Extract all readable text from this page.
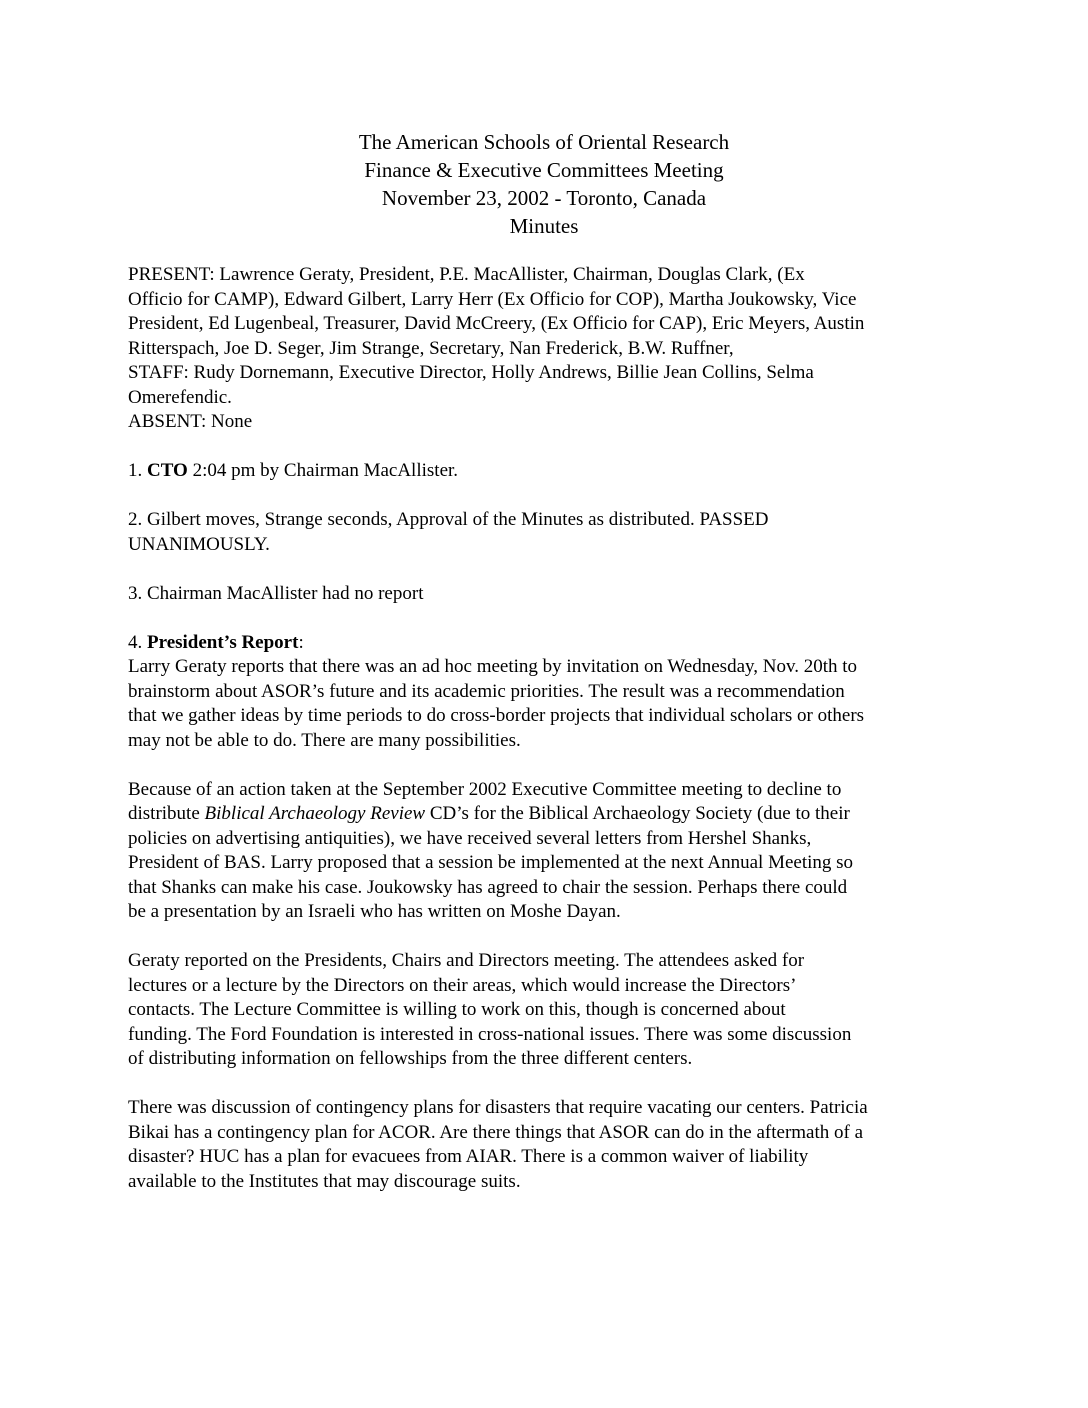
The American Schools of Oriental Research
Finance & Executive Committees Meeting
November 23, 2002 - Toronto, Canada
Minutes
PRESENT: Lawrence Geraty, President, P.E. MacAllister, Chairman, Douglas Clark, (Ex
Officio for CAMP), Edward Gilbert, Larry Herr (Ex Officio for COP), Martha Joukowsky, Vice
President, Ed Lugenbeal, Treasurer, David McCreery, (Ex Officio for CAP), Eric Meyers, Austin
Ritterspach, Joe D. Seger, Jim Strange, Secretary, Nan Frederick, B.W. Ruffner,
STAFF: Rudy Dornemann, Executive Director, Holly Andrews, Billie Jean Collins, Selma
Omerefendic.
ABSENT: None
1. CTO 2:04 pm by Chairman MacAllister.
2. Gilbert moves, Strange seconds, Approval of the Minutes as distributed. PASSED
UNANIMOUSLY.
3. Chairman MacAllister had no report
4. President’s Report:
Larry Geraty reports that there was an ad hoc meeting by invitation on Wednesday, Nov. 20th to
brainstorm about ASOR’s future and its academic priorities. The result was a recommendation
that we gather ideas by time periods to do cross-border projects that individual scholars or others
may not be able to do. There are many possibilities.
Because of an action taken at the September 2002 Executive Committee meeting to decline to
distribute Biblical Archaeology Review CD’s for the Biblical Archaeology Society (due to their
policies on advertising antiquities), we have received several letters from Hershel Shanks,
President of BAS. Larry proposed that a session be implemented at the next Annual Meeting so
that Shanks can make his case. Joukowsky has agreed to chair the session. Perhaps there could
be a presentation by an Israeli who has written on Moshe Dayan.
Geraty reported on the Presidents, Chairs and Directors meeting. The attendees asked for
lectures or a lecture by the Directors on their areas, which would increase the Directors’
contacts. The Lecture Committee is willing to work on this, though is concerned about
funding. The Ford Foundation is interested in cross-national issues. There was some discussion
of distributing information on fellowships from the three different centers.
There was discussion of contingency plans for disasters that require vacating our centers. Patricia
Bikai has a contingency plan for ACOR. Are there things that ASOR can do in the aftermath of a
disaster? HUC has a plan for evacuees from AIAR. There is a common waiver of liability
available to the Institutes that may discourage suits.
